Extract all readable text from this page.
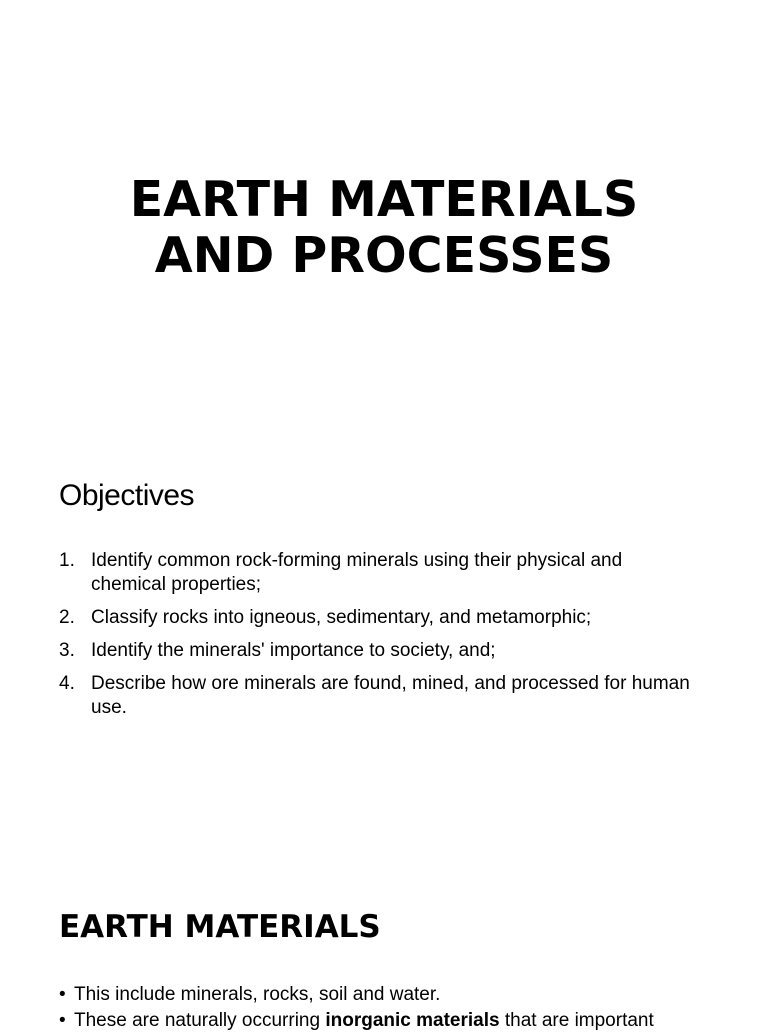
EARTH MATERIALS
AND PROCESSES
Objectives
1. Identify common rock-forming minerals using their physical and chemical properties;
2. Classify rocks into igneous, sedimentary, and metamorphic;
3. Identify the minerals' importance to society, and;
4. Describe how ore minerals are found, mined, and processed for human use.
EARTH MATERIALS
• This include minerals, rocks, soil and water.
• These are naturally occurring inorganic materials that are important
